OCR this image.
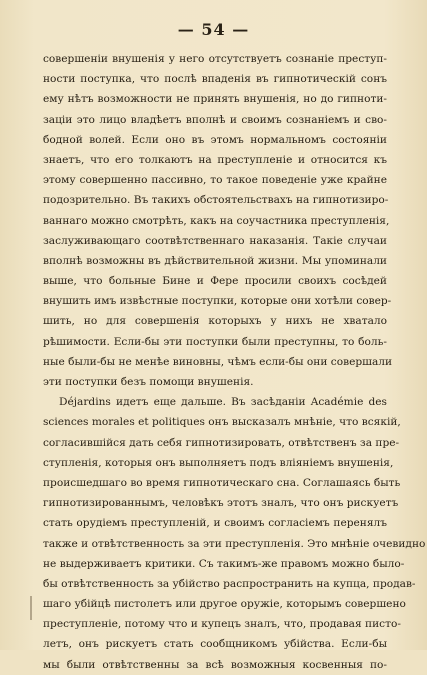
— 54 —
совершенiи внушенiя у него отсутствуетъ сознанiе преступ-
ности поступка, что послѣ впаденiя въ гипнотическiй сонъ
ему нѣтъ возможности не принять внушенiя, но до гипноти-
зацiи это лицо владѣетъ вполнѣ и своимъ сознанiемъ и сво-
бодной волей. Если оно въ этомъ нормальномъ состоянiи
знаетъ, что его толкаютъ на преступленiе и относится къ
этому совершенно пассивно, то такое поведенiе уже крайне
подозрительно. Въ такихъ обстоятельствахъ на гипнотизиро-
ваннаго можно смотрѣть, какъ на соучастника преступленiя,
заслуживающаго соотвѣтственнаго наказанiя. Такiе случаи
вполнѣ возможны въ дѣйствительной жизни. Мы упоминали
выше, что больные Бине и Фере просили своихъ сосѣдей
внушить имъ извѣстные поступки, которые они хотѣли совер-
шить, но для совершенiя которыхъ у нихъ не хватало
рѣшимости. Если-бы эти поступки были преступны, то боль-
ные были-бы не менѣе виновны, чѣмъ если-бы они совершали
эти поступки безъ помощи внушенiя.
Déjardins идетъ еще дальше. Въ засѣданiи Académie des
sciences morales et politiques онъ высказалъ мнѣнiе, что всякiй,
согласившiйся дать себя гипнотизировать, отвѣтственъ за пре-
ступленiя, которыя онъ выполняетъ подъ влiянiемъ внушенiя,
происшедшаго во время гипнотическаго сна. Соглашаясь быть
гипнотизированнымъ, человѣкъ этотъ зналъ, что онъ рискуетъ
стать орудiемъ преступленiй, и своимъ согласiемъ перенялъ
также и отвѣтственность за эти преступленiя. Это мнѣнiе очевидно
не выдерживаетъ критики. Съ такимъ-же правомъ можно было-
бы отвѣтственность за убiйство распространить на купца, продав-
шаго убiйцѣ пистолетъ или другое оружiе, которымъ совершено
преступленiе, потому что и купецъ зналъ, что, продавая писто-
летъ, онъ рискуетъ стать сообщникомъ убiйства. Если-бы
мы были отвѣтственны за всѣ возможныя косвенныя по-
